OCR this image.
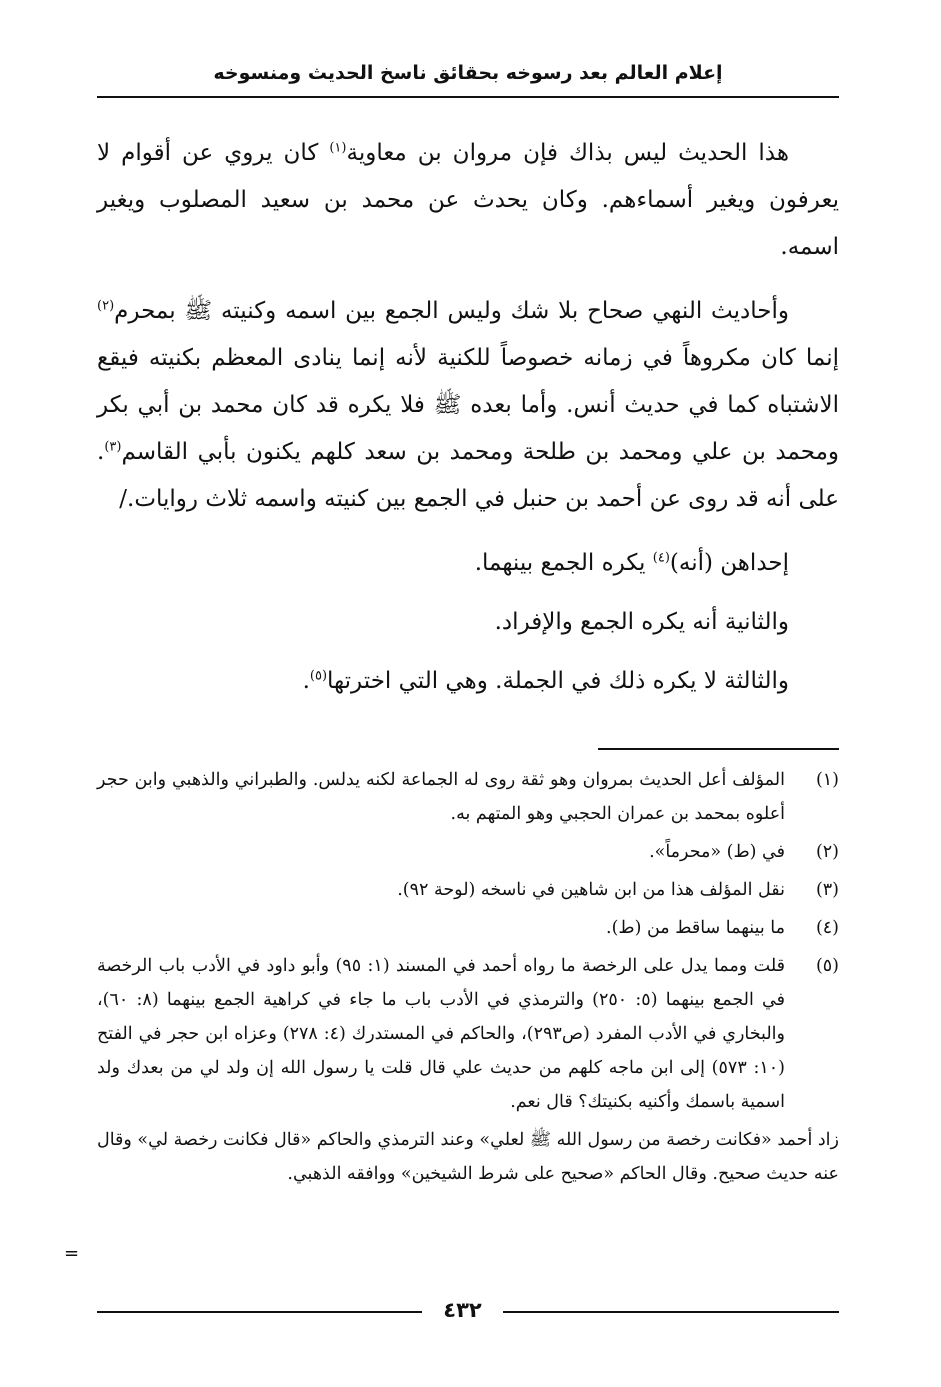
إعلام العالم بعد رسوخه بحقائق ناسخ الحديث ومنسوخه

هذا الحديث ليس بذاك فإن مروان بن معاوية$^{(١)}$ كان يروي عن أقوام لا يعرفون ويغير أسماءهم. وكان يحدث عن محمد بن سعيد المصلوب ويغير اسمه.

وأحاديث النهي صحاح بلا شك وليس الجمع بين اسمه وكنيته ﷺ بمحرم$^{(٢)}$ إنما كان مكروهاً في زمانه خصوصاً للكنية لأنه إنما ينادى المعظم بكنيته فيقع الاشتباه كما في حديث أنس. وأما بعده ﷺ فلا يكره قد كان محمد بن أبي بكر ومحمد بن علي ومحمد بن طلحة ومحمد بن سعد كلهم يكنون بأبي القاسم$^{(٣)}$. على أنه قد روى عن أحمد بن حنبل في الجمع بين كنيته واسمه ثلاث روايات./

إحداهن (أنه)$^{(٤)}$ يكره الجمع بينهما.

والثانية أنه يكره الجمع والإفراد.

والثالثة لا يكره ذلك في الجملة. وهي التي اخترتها$^{(٥)}$.

(١)
المؤلف أعل الحديث بمروان وهو ثقة روى له الجماعة لكنه يدلس. والطبراني والذهبي وابن حجر أعلوه بمحمد بن عمران الحجبي وهو المتهم به.
(٢)
في (ط) «محرماً».
(٣)
نقل المؤلف هذا من ابن شاهين في ناسخه (لوحة ٩٢).
(٤)
ما بينهما ساقط من (ط).
(٥)
قلت ومما يدل على الرخصة ما رواه أحمد في المسند (١: ٩٥) وأبو داود في الأدب باب الرخصة في الجمع بينهما (٥: ٢٥٠) والترمذي في الأدب باب ما جاء في كراهية الجمع بينهما (٨: ٦٠)، والبخاري في الأدب المفرد (ص٢٩٣)، والحاكم في المستدرك (٤: ٢٧٨) وعزاه ابن حجر في الفتح (١٠: ٥٧٣) إلى ابن ماجه كلهم من حديث علي قال قلت يا رسول الله إن ولد لي من بعدك ولد اسمية باسمك وأكنيه بكنيتك؟ قال نعم.
زاد أحمد «فكانت رخصة من رسول الله ﷺ لعلي» وعند الترمذي والحاكم «قال فكانت رخصة لي» وقال عنه حديث صحيح. وقال الحاكم «صحيح على شرط الشيخين» ووافقه الذهبي.
=
٤٣٢
